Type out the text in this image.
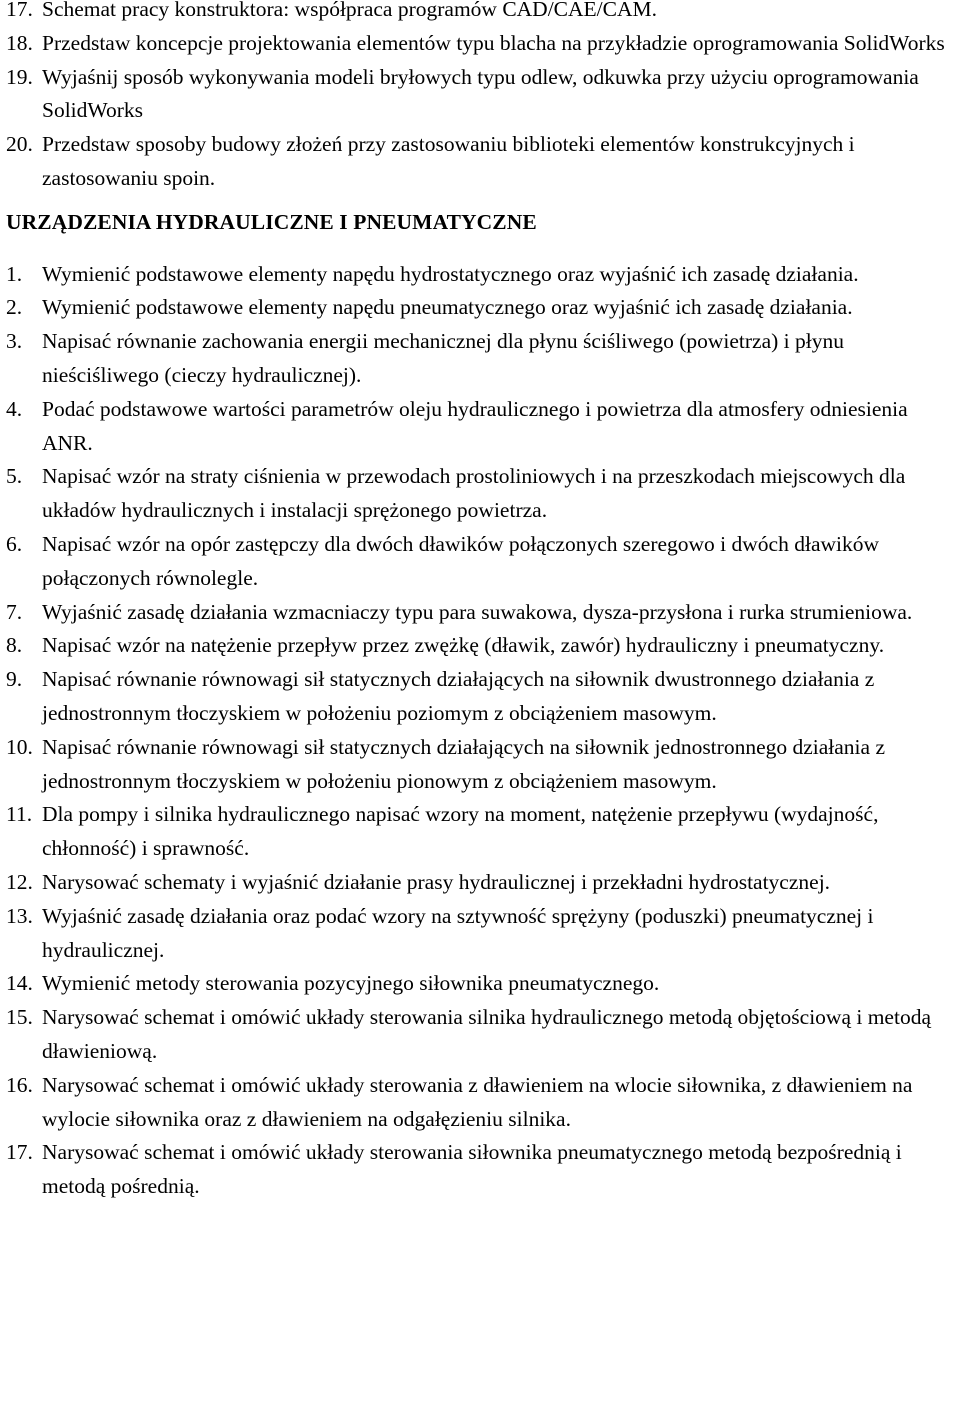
17. Schemat pracy konstruktora: współpraca programów CAD/CAE/CAM.
18. Przedstaw koncepcje projektowania elementów typu blacha na przykładzie oprogramowania SolidWorks
19. Wyjaśnij sposób wykonywania modeli bryłowych typu odlew, odkuwka przy użyciu oprogramowania SolidWorks
20. Przedstaw sposoby budowy złożeń przy zastosowaniu biblioteki elementów konstrukcyjnych i zastosowaniu spoin.
URZĄDZENIA HYDRAULICZNE I PNEUMATYCZNE
1. Wymienić podstawowe elementy napędu hydrostatycznego oraz wyjaśnić ich zasadę działania.
2. Wymienić podstawowe elementy napędu pneumatycznego oraz wyjaśnić ich zasadę działania.
3. Napisać równanie zachowania energii mechanicznej dla płynu ściśliwego (powietrza) i płynu nieściśliwego (cieczy hydraulicznej).
4. Podać podstawowe wartości parametrów oleju hydraulicznego i powietrza dla atmosfery odniesienia ANR.
5. Napisać wzór na straty ciśnienia w przewodach prostoliniowych i na przeszkodach miejscowych dla układów hydraulicznych i instalacji sprężonego powietrza.
6. Napisać wzór na opór zastępczy dla dwóch dławików połączonych szeregowo i dwóch dławików połączonych równolegle.
7. Wyjaśnić zasadę działania wzmacniaczy typu para suwakowa, dysza-przysłona i rurka strumieniowa.
8. Napisać wzór na natężenie przepływ przez zwężkę (dławik, zawór) hydrauliczny i pneumatyczny.
9. Napisać równanie równowagi sił statycznych działających na siłownik dwustronnego działania z jednostronnym tłoczyskiem w położeniu poziomym z obciążeniem masowym.
10. Napisać równanie równowagi sił statycznych działających na siłownik jednostronnego działania z jednostronnym tłoczyskiem w położeniu pionowym z obciążeniem masowym.
11. Dla pompy i silnika hydraulicznego napisać wzory na moment, natężenie przepływu (wydajność, chłonność) i sprawność.
12. Narysować schematy i wyjaśnić działanie prasy hydraulicznej i przekładni hydrostatycznej.
13. Wyjaśnić zasadę działania oraz podać wzory na sztywność sprężyny (poduszki) pneumatycznej i hydraulicznej.
14. Wymienić metody sterowania pozycyjnego siłownika pneumatycznego.
15. Narysować schemat i omówić układy sterowania silnika hydraulicznego metodą objętościową i metodą dławieniową.
16. Narysować schemat i omówić układy sterowania z dławieniem na wlocie siłownika, z dławieniem na wylocie siłownika oraz z dławieniem na odgałęzieniu silnika.
17. Narysować schemat i omówić układy sterowania siłownika pneumatycznego metodą bezpośrednią i metodą pośrednią.
